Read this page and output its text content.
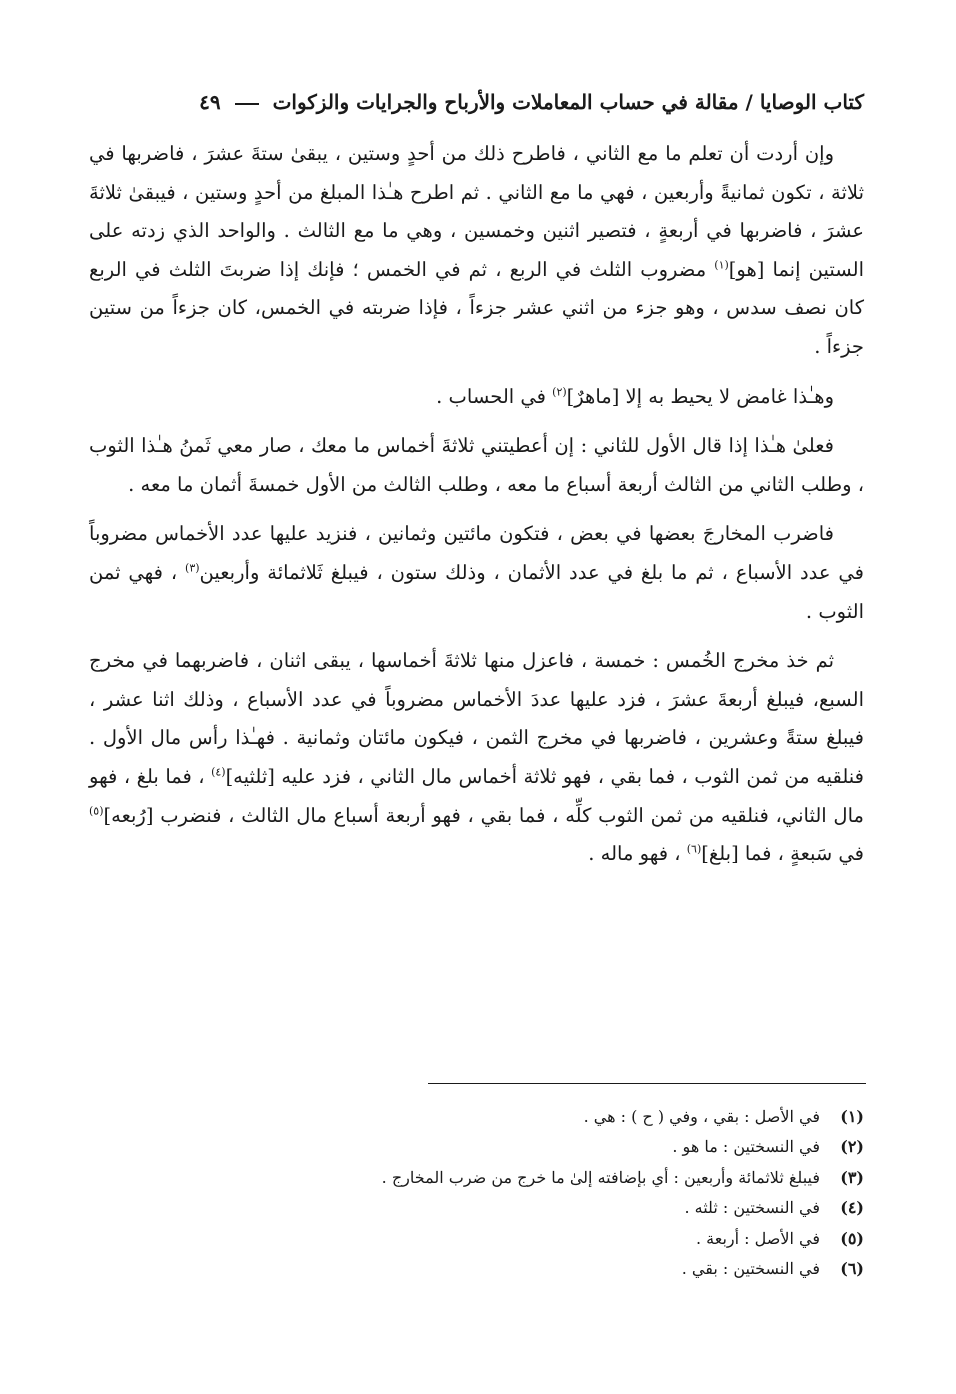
كتاب الوصايا / مقالة في حساب المعاملات والأرباح والجرايات والزكوات
٤٩

وإن أردت أن تعلم ما مع الثاني ، فاطرح ذلك من أحدٍ وستين ، يبقىٰ ستةَ عشرَ ، فاضربها في ثلاثة ، تكون ثمانيةً وأربعين ، فهي ما مع الثاني . ثم اطرح هـٰذا المبلغ من أحدٍ وستين ، فيبقىٰ ثلاثةَ عشرَ ، فاضربها في أربعةٍ ، فتصير اثنين وخمسين ، وهي ما مع الثالث . والواحد الذي زدته على الستين إنما [هو]$^{(١)}$ مضروب الثلث في الربع ، ثم في الخمس ؛ فإنك إذا ضربتَ الثلث في الربع كان نصف سدس ، وهو جزء من اثني عشر جزءاً ، فإذا ضربته في الخمس، كان جزءاً من ستين جزءاً .

وهـٰذا غامض لا يحيط به إلا [ماهرٌ]$^{(٢)}$ في الحساب .

فعلىٰ هـٰذا إذا قال الأول للثاني : إن أعطيتني ثلاثةَ أخماس ما معك ، صار معي ثَمنُ هـٰذا الثوب ، وطلب الثاني من الثالث أربعة أسباع ما معه ، وطلب الثالث من الأول خمسةَ أثمان ما معه .

فاضرب المخارجَ بعضها في بعض ، فتكون مائتين وثمانين ، فنزيد عليها عدد الأخماس مضروباً في عدد الأسباع ، ثم ما بلغ في عدد الأثمان ، وذلك ستون ، فيبلغ ثَلاثمائة وأربعين$^{(٣)}$ ، فهي ثمن الثوب .

ثم خذ مخرج الخُمس : خمسة ، فاعزل منها ثلاثةَ أخماسها ، يبقى اثنان ، فاضربهما في مخرج السبع، فيبلغ أربعةَ عشرَ ، فزد عليها عددَ الأخماس مضروباً في عدد الأسباع ، وذلك اثنا عشر ، فيبلغ ستةً وعشرين ، فاضربها في مخرج الثمن ، فيكون مائتان وثمانية . فهـٰذا رأس مال الأول . فنلقيه من ثمن الثوب ، فما بقي ، فهو ثلاثة أخماس مال الثاني ، فزد عليه [ثلثيه]$^{(٤)}$ ، فما بلغ ، فهو مال الثاني، فنلقيه من ثمن الثوب كلِّه ، فما بقي ، فهو أربعة أسباع مال الثالث ، فنضرب [رُبعه]$^{(٥)}$ في سَبعةٍ ، فما [بلغ]$^{(٦)}$ ، فهو ماله .

(١)
في الأصل : بقي ، وفي ( ح ) : هي .
(٢)
في النسختين : ما هو .
(٣)
فيبلغ ثلاثمائة وأربعين : أي بإضافته إلىٰ ما خرج من ضرب المخارج .
(٤)
في النسختين : ثلثه .
(٥)
في الأصل : أربعة .
(٦)
في النسختين : بقي .
